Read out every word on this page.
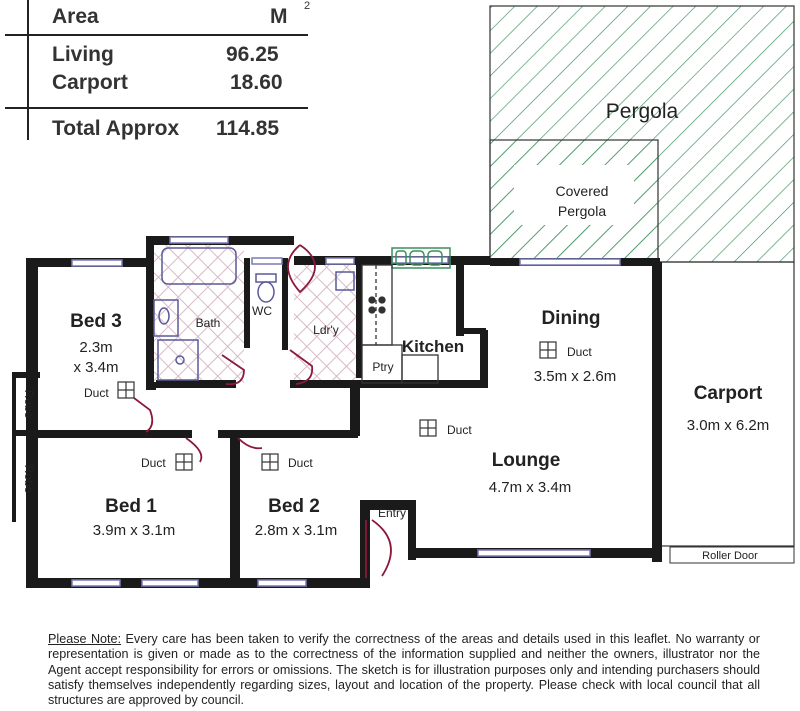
Area	M 2
Living	96.25
Carport	18.60
Total Approx 114.85
Pergola
Covered
Pergola
Bed 3
2.3m
x 3.4m
Bath
WC
Ldr'y
Kitchen
Ptry
Dining
3.5m x 2.6m
Duct
Carport
3.0m x 6.2m
Lounge
4.7m x 3.4m
Duct
Bed 1
3.9m x 3.1m
Duct
Bed 2
2.8m x 3.1m
Duct
Duct
Robe
Robe
Entry
Roller Door
Please Note: Every care has been taken to verify the correctness of the areas and details used in this leaflet. No warranty or representation is given or made as to the correctness of the information supplied and neither the owners, illustrator nor the Agent accept responsibility for errors or omissions. The sketch is for illustration purposes only and intending purchasers should satisfy themselves independently regarding sizes, layout and location of the property. Please check with local council that all structures are approved by council.
